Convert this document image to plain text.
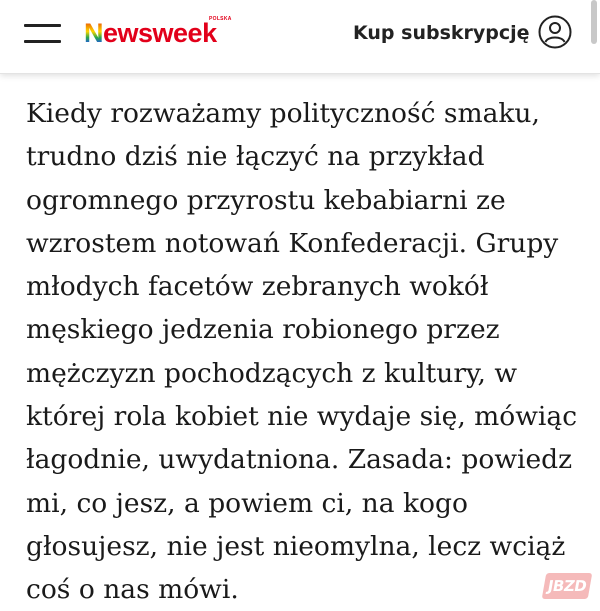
Newsweek
POLSKA
Kup subskrypcję

Kiedy rozważamy polityczność smaku,
trudno dziś nie łączyć na przykład
ogromnego przyrostu kebabiarni ze
wzrostem notowań Konfederacji. Grupy
młodych facetów zebranych wokół
męskiego jedzenia robionego przez
mężczyzn pochodzących z kultury, w
której rola kobiet nie wydaje się, mówiąc
łagodnie, uwydatniona. Zasada: powiedz
mi, co jesz, a powiem ci, na kogo
głosujesz, nie jest nieomylna, lecz wciąż
coś o nas mówi.	JBZD
